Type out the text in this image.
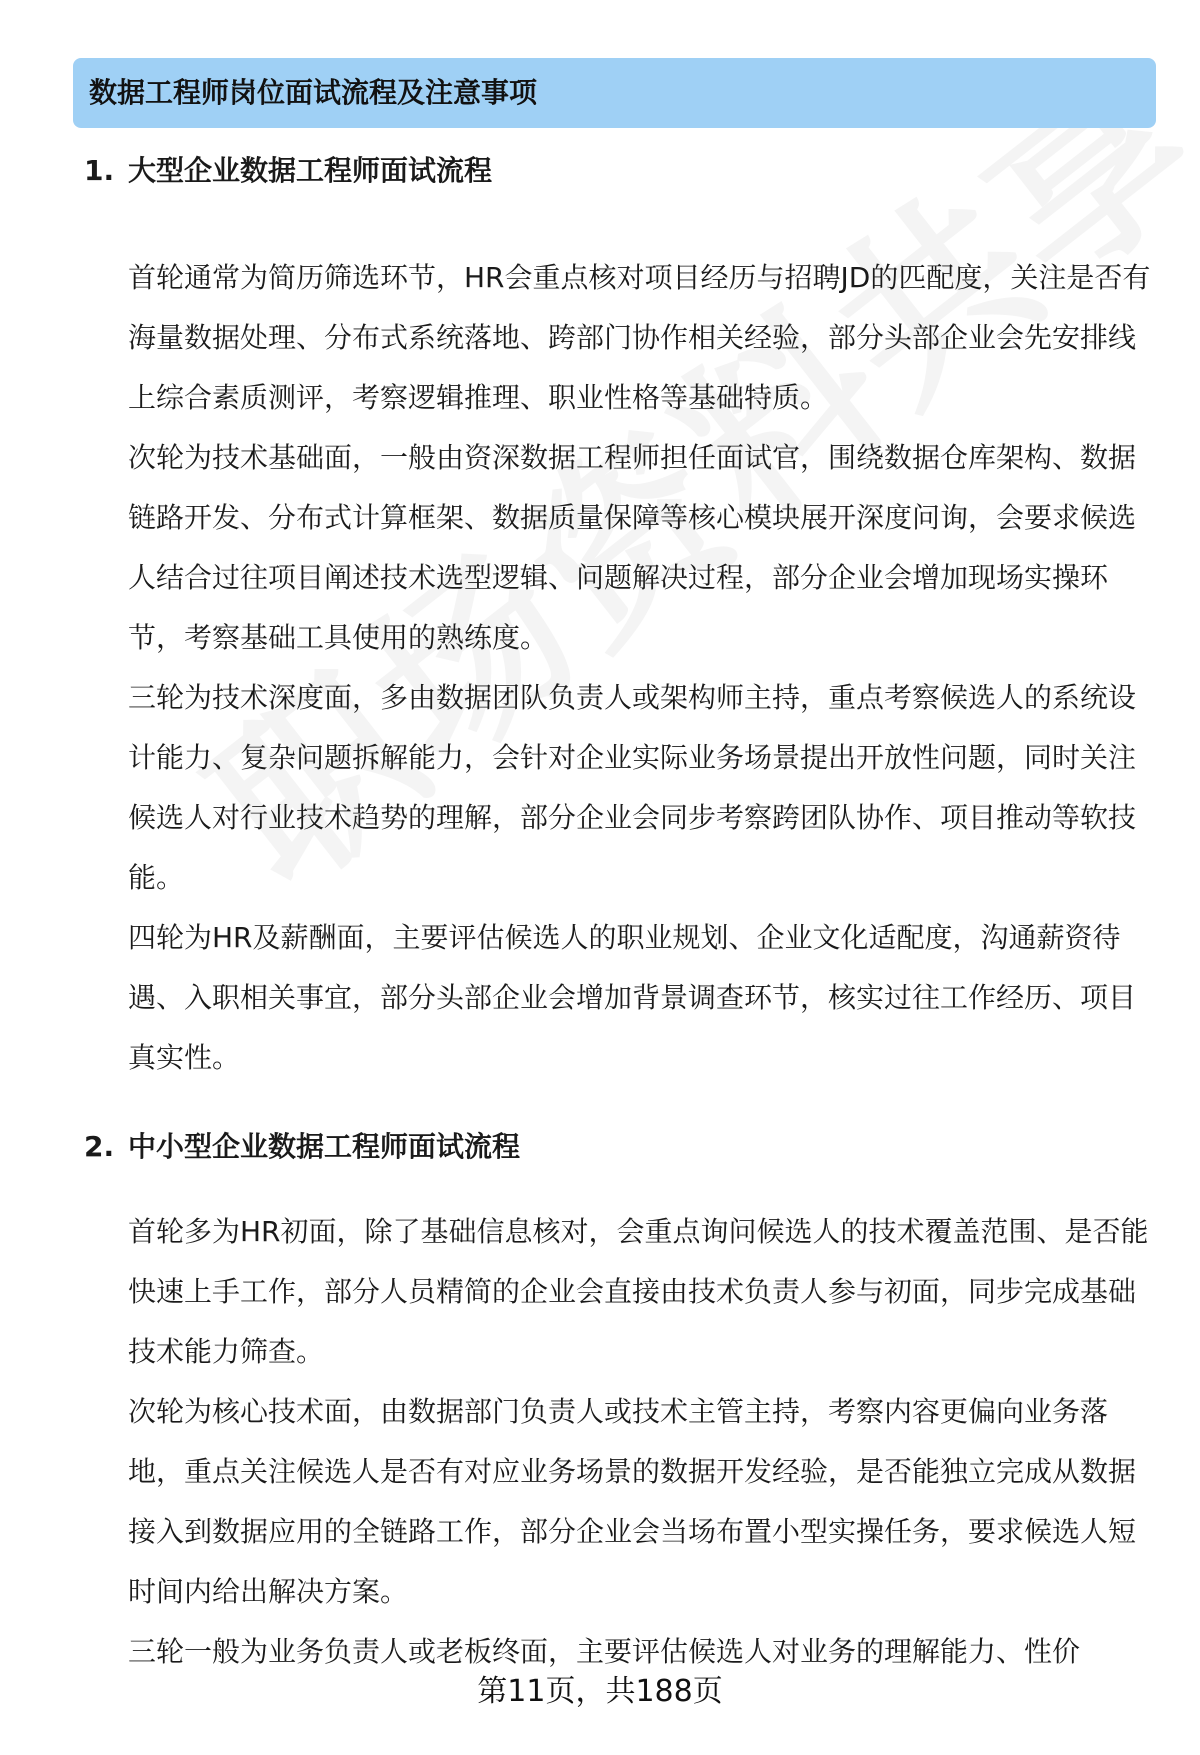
数据工程师岗位面试流程及注意事项
1. 大型企业数据工程师面试流程

首轮通常为简历筛选环节，HR会重点核对项目经历与招聘JD的匹配度，关注是否有海量数据处理、分布式系统落地、跨部门协作相关经验，部分头部企业会先安排线上综合素质测评，考察逻辑推理、职业性格等基础特质。

次轮为技术基础面，一般由资深数据工程师担任面试官，围绕数据仓库架构、数据链路开发、分布式计算框架、数据质量保障等核心模块展开深度问询，会要求候选人结合过往项目阐述技术选型逻辑、问题解决过程，部分企业会增加现场实操环节，考察基础工具使用的熟练度。

三轮为技术深度面，多由数据团队负责人或架构师主持，重点考察候选人的系统设计能力、复杂问题拆解能力，会针对企业实际业务场景提出开放性问题，同时关注候选人对行业技术趋势的理解，部分企业会同步考察跨团队协作、项目推动等软技能。

四轮为HR及薪酬面，主要评估候选人的职业规划、企业文化适配度，沟通薪资待遇、入职相关事宜，部分头部企业会增加背景调查环节，核实过往工作经历、项目真实性。

2. 中小型企业数据工程师面试流程

首轮多为HR初面，除了基础信息核对，会重点询问候选人的技术覆盖范围、是否能快速上手工作，部分人员精简的企业会直接由技术负责人参与初面，同步完成基础技术能力筛查。

次轮为核心技术面，由数据部门负责人或技术主管主持，考察内容更偏向业务落地，重点关注候选人是否有对应业务场景的数据开发经验，是否能独立完成从数据接入到数据应用的全链路工作，部分企业会当场布置小型实操任务，要求候选人短时间内给出解决方案。

三轮一般为业务负责人或老板终面，主要评估候选人对业务的理解能力、性价

第11页，共188页
